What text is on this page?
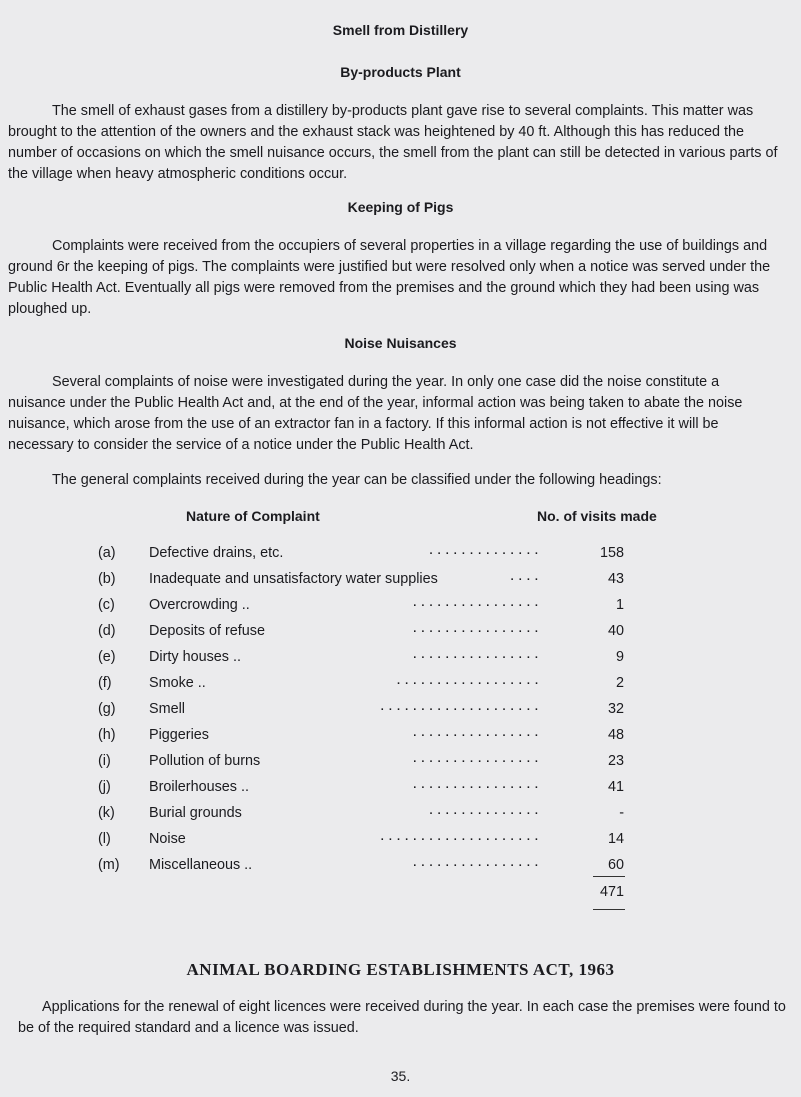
Smell from Distillery
By-products Plant
The smell of exhaust gases from a distillery by-products plant gave rise to several complaints. This matter was brought to the attention of the owners and the exhaust stack was heightened by 40 ft. Although this has reduced the number of occasions on which the smell nuisance occurs, the smell from the plant can still be detected in various parts of the village when heavy atmospheric conditions occur.
Keeping of Pigs
Complaints were received from the occupiers of several properties in a village regarding the use of buildings and ground 6r the keeping of pigs. The complaints were justified but were resolved only when a notice was served under the Public Health Act. Eventually all pigs were removed from the premises and the ground which they had been using was ploughed up.
Noise Nuisances
Several complaints of noise were investigated during the year. In only one case did the noise constitute a nuisance under the Public Health Act and, at the end of the year, informal action was being taken to abate the noise nuisance, which arose from the use of an extractor fan in a factory. If this informal action is not effective it will be necessary to consider the service of a notice under the Public Health Act.
The general complaints received during the year can be classified under the following headings:
Nature of Complaint	No. of visits made
(a) Defective drains, etc.	. . . . . . . . . . . . . .	158
(b) Inadequate and unsatisfactory water supplies	. . . .	43
(c) Overcrowding ..	. . . . . . . . . . . . . . . .	1
(d) Deposits of refuse	. . . . . . . . . . . . . . . .	40
(e) Dirty houses ..	. . . . . . . . . . . . . . . .	9
(f)	Smoke ..	. . . . . . . . . . . . . . . . . .	2
(g) Smell	. . . . . . . . . . . . . . . . . . . .	32
(h) Piggeries	. . . . . . . . . . . . . . . .	48
(i)	Pollution of burns	. . . . . . . . . . . . . . . .	23
(j)	Broilerhouses ..	. . . . . . . . . . . . . . . .	41
(k) Burial grounds	. . . . . . . . . . . . . .	-
(l)	Noise	. . . . . . . . . . . . . . . . . . . .	14
(m) Miscellaneous ..	. . . . . . . . . . . . . . . .	60
471
ANIMAL BOARDING ESTABLISHMENTS ACT, 1963
Applications for the renewal of eight licences were received during the year. In each case the premises were found to be of the required standard and a licence was issued.
35.
